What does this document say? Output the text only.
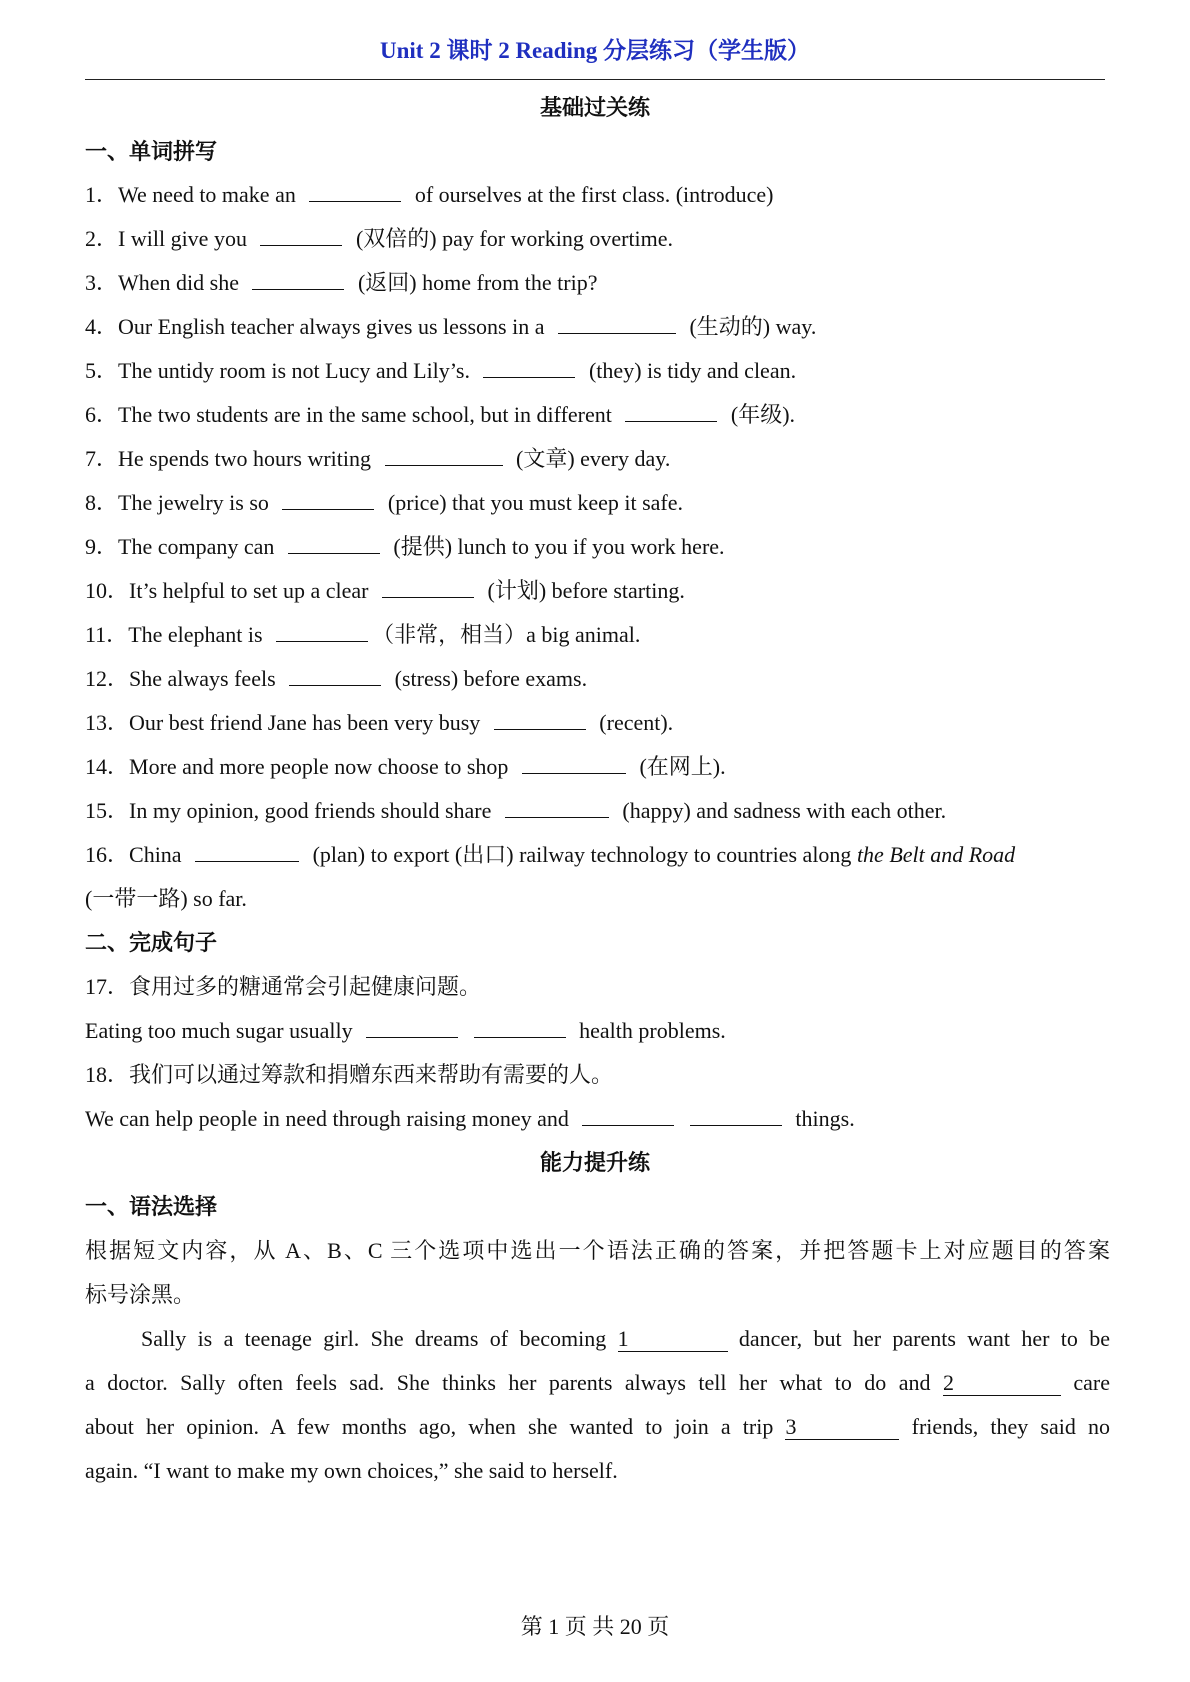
Unit 2 课时 2 Reading 分层练习（学生版）
基础过关练
一、单词拼写
1．We need to make an	of ourselves at the first class. (introduce)
2．I will give you	(双倍的) pay for working overtime.
3．When did she	(返回) home from the trip?
4．Our English teacher always gives us lessons in a	(生动的) way.
5．The untidy room is not Lucy and Lily’s.	(they) is tidy and clean.
6．The two students are in the same school, but in different	(年级).
7．He spends two hours writing	(文章) every day.
8．The jewelry is so	(price) that you must keep it safe.
9．The company can	(提供) lunch to you if you work here.
10．It’s helpful to set up a clear	(计划) before starting.
11．The elephant is	（非常，相当）a big animal.
12．She always feels	(stress) before exams.
13．Our best friend Jane has been very busy	(recent).
14．More and more people now choose to shop	(在网上).
15．In my opinion, good friends should share	(happy) and sadness with each other.
16．China	(plan) to export (出口) railway technology to countries along the Belt and Road
(一带一路) so far.
二、完成句子
17．食用过多的糖通常会引起健康问题。
Eating too much sugar usually	health problems.
18．我们可以通过筹款和捐赠东西来帮助有需要的人。
We can help people in need through raising money and	things.
能力提升练
一、语法选择
根据短文内容，从 A、B、C 三个选项中选出一个语法正确的答案，并把答题卡上对应题目的答案
标号涂黑。
Sally is a teenage girl. She dreams of becoming 1	dancer, but her parents want her to be
a doctor. Sally often feels sad. She thinks her parents always tell her what to do and 2	care
about her opinion. A few months ago, when she wanted to join a trip 3	friends, they said no
again. “I want to make my own choices,” she said to herself.
第 1 页 共 20 页
